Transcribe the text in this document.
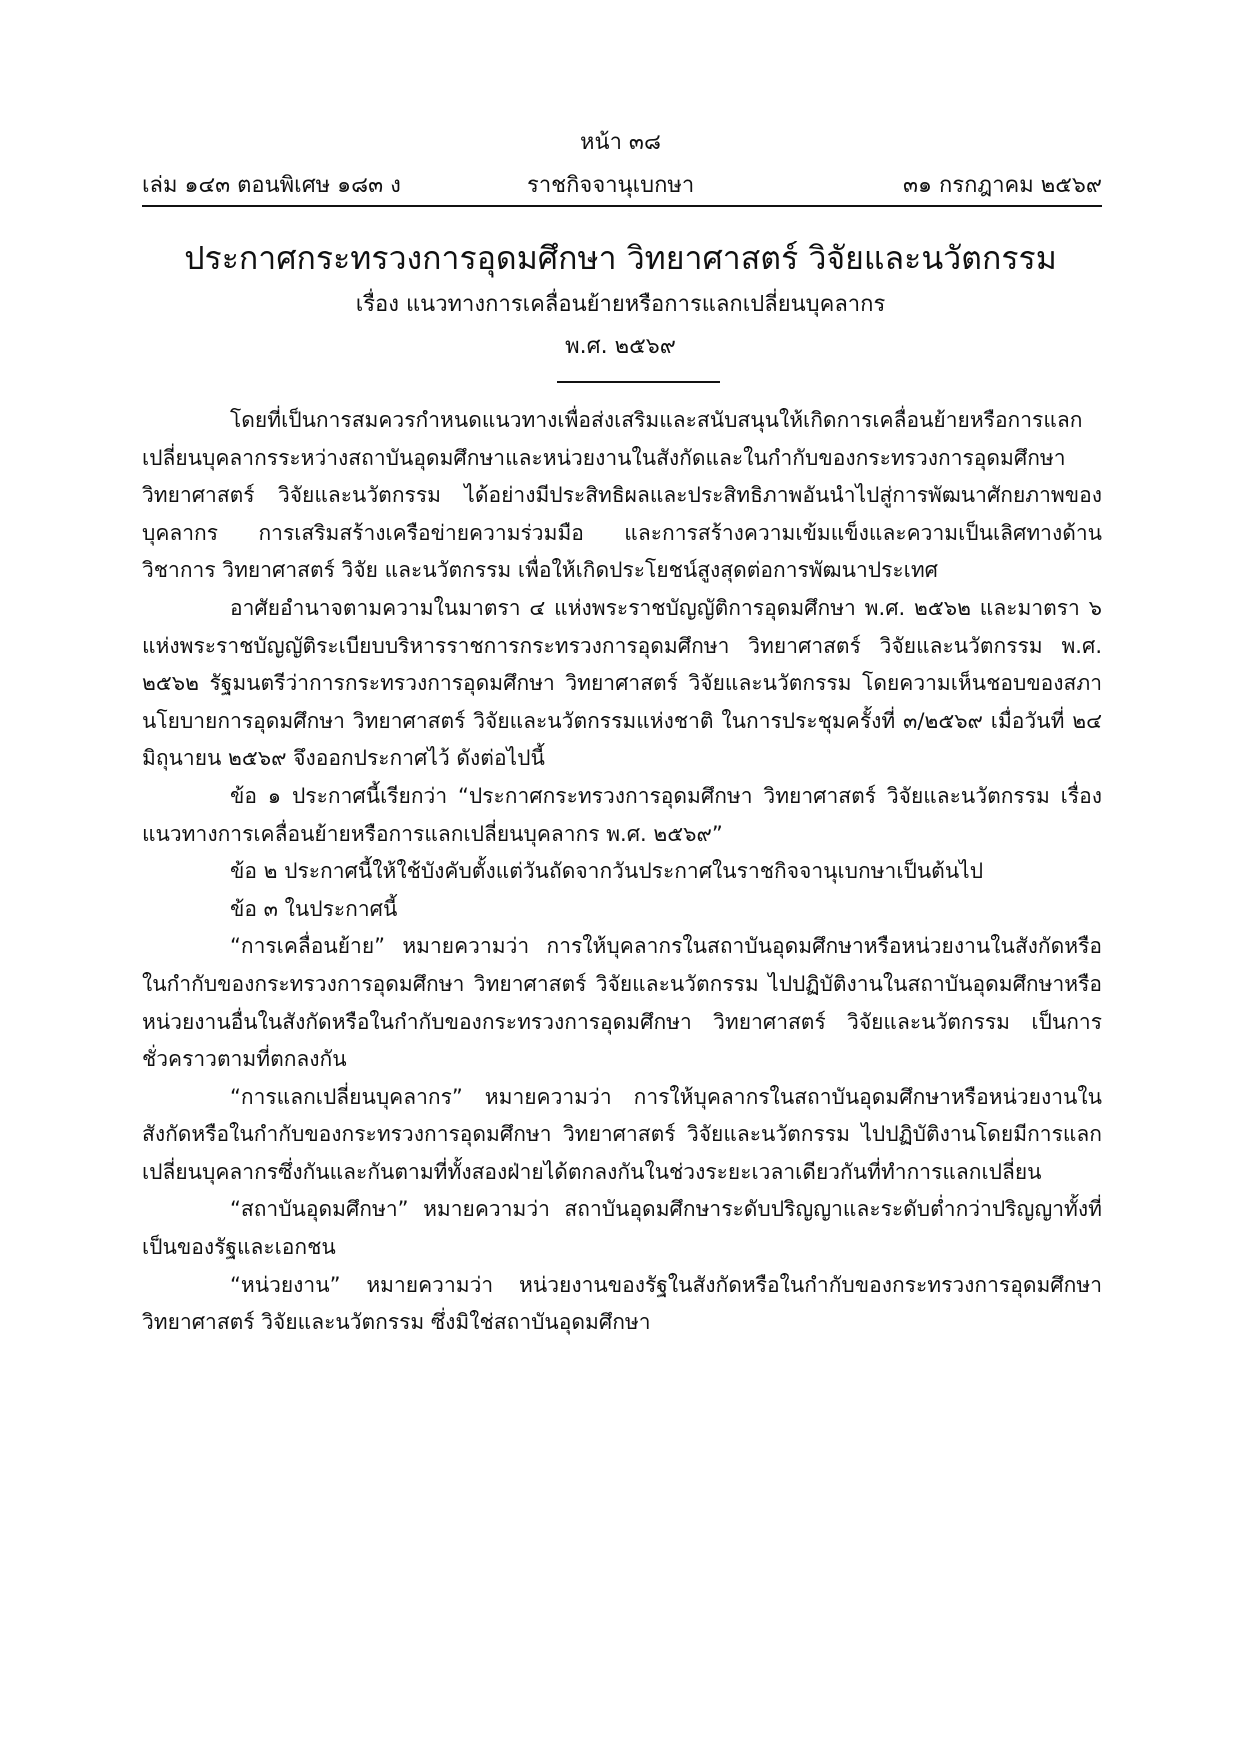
หน้า ๓๘
เล่ม ๑๔๓ ตอนพิเศษ ๑๘๓ ง	ราชกิจจานุเบกษา	๓๑ กรกฎาคม ๒๕๖๙
ประกาศกระทรวงการอุดมศึกษา วิทยาศาสตร์ วิจัยและนวัตกรรม
เรื่อง แนวทางการเคลื่อนย้ายหรือการแลกเปลี่ยนบุคลากร
พ.ศ. ๒๕๖๙

โดยที่เป็นการสมควรกำหนดแนวทางเพื่อส่งเสริมและสนับสนุนให้เกิดการเคลื่อนย้ายหรือการแลกเปลี่ยนบุคลากรระหว่างสถาบันอุดมศึกษาและหน่วยงานในสังกัดและในกำกับของกระทรวงการอุดมศึกษา วิทยาศาสตร์ วิจัยและนวัตกรรม ได้อย่างมีประสิทธิผลและประสิทธิภาพอันนำไปสู่การพัฒนาศักยภาพของบุคลากร การเสริมสร้างเครือข่ายความร่วมมือ และการสร้างความเข้มแข็งและความเป็นเลิศทางด้านวิชาการ วิทยาศาสตร์ วิจัย และนวัตกรรม เพื่อให้เกิดประโยชน์สูงสุดต่อการพัฒนาประเทศ

อาศัยอำนาจตามความในมาตรา ๔ แห่งพระราชบัญญัติการอุดมศึกษา พ.ศ. ๒๕๖๒ และมาตรา ๖ แห่งพระราชบัญญัติระเบียบบริหารราชการกระทรวงการอุดมศึกษา วิทยาศาสตร์ วิจัยและนวัตกรรม พ.ศ. ๒๕๖๒ รัฐมนตรีว่าการกระทรวงการอุดมศึกษา วิทยาศาสตร์ วิจัยและนวัตกรรม โดยความเห็นชอบของสภานโยบายการอุดมศึกษา วิทยาศาสตร์ วิจัยและนวัตกรรมแห่งชาติ ในการประชุมครั้งที่ ๓/๒๕๖๙ เมื่อวันที่ ๒๔ มิถุนายน ๒๕๖๙ จึงออกประกาศไว้ ดังต่อไปนี้

ข้อ ๑ ประกาศนี้เรียกว่า “ประกาศกระทรวงการอุดมศึกษา วิทยาศาสตร์ วิจัยและนวัตกรรม เรื่อง แนวทางการเคลื่อนย้ายหรือการแลกเปลี่ยนบุคลากร พ.ศ. ๒๕๖๙”

ข้อ ๒ ประกาศนี้ให้ใช้บังคับตั้งแต่วันถัดจากวันประกาศในราชกิจจานุเบกษาเป็นต้นไป

ข้อ ๓ ในประกาศนี้

“การเคลื่อนย้าย” หมายความว่า การให้บุคลากรในสถาบันอุดมศึกษาหรือหน่วยงานในสังกัดหรือในกำกับของกระทรวงการอุดมศึกษา วิทยาศาสตร์ วิจัยและนวัตกรรม ไปปฏิบัติงานในสถาบันอุดมศึกษาหรือหน่วยงานอื่นในสังกัดหรือในกำกับของกระทรวงการอุดมศึกษา วิทยาศาสตร์ วิจัยและนวัตกรรม เป็นการชั่วคราวตามที่ตกลงกัน

“การแลกเปลี่ยนบุคลากร” หมายความว่า การให้บุคลากรในสถาบันอุดมศึกษาหรือหน่วยงานในสังกัดหรือในกำกับของกระทรวงการอุดมศึกษา วิทยาศาสตร์ วิจัยและนวัตกรรม ไปปฏิบัติงานโดยมีการแลกเปลี่ยนบุคลากรซึ่งกันและกันตามที่ทั้งสองฝ่ายได้ตกลงกันในช่วงระยะเวลาเดียวกันที่ทำการแลกเปลี่ยน

“สถาบันอุดมศึกษา” หมายความว่า สถาบันอุดมศึกษาระดับปริญญาและระดับต่ำกว่าปริญญาทั้งที่เป็นของรัฐและเอกชน

“หน่วยงาน” หมายความว่า หน่วยงานของรัฐในสังกัดหรือในกำกับของกระทรวงการอุดมศึกษา วิทยาศาสตร์ วิจัยและนวัตกรรม ซึ่งมิใช่สถาบันอุดมศึกษา
